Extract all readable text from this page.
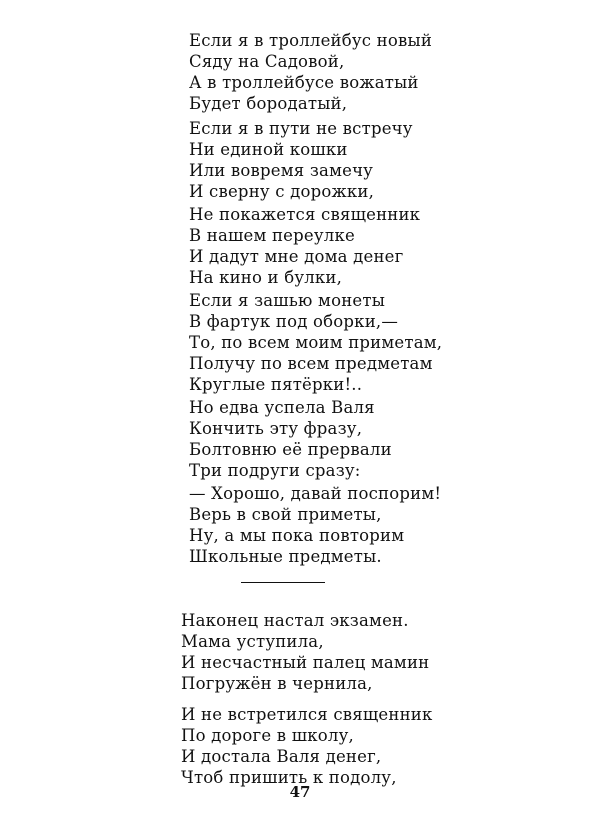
Если я в троллейбус новый
Сяду на Садовой,
А в троллейбусе вожатый
Будет бородатый,
Если я в пути не встречу
Ни единой кошки
Или вовремя замечу
И сверну с дорожки,
Не покажется священник
В нашем переулке
И дадут мне дома денег
На кино и булки,
Если я зашью монеты
В фартук под оборки,—
То, по всем моим приметам,
Получу по всем предметам
Круглые пятёрки!..
Но едва успела Валя
Кончить эту фразу,
Болтовню её прервали
Три подруги сразу:
— Хорошо, давай поспорим!
Верь в свой приметы,
Ну, а мы пока повторим
Школьные предметы.
Наконец настал экзамен.
Мама уступила,
И несчастный палец мамин
Погружён в чернила,
И не встретился священник
По дороге в школу,
И достала Валя денег,
Чтоб пришить к подолу,
47
